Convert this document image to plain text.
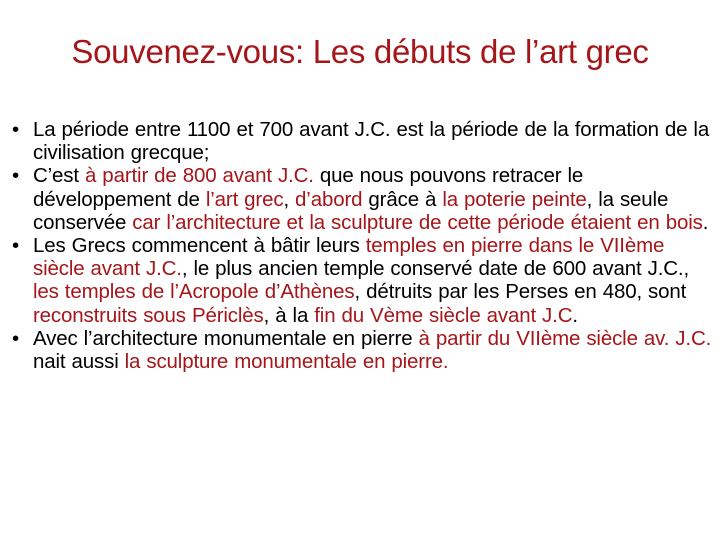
Souvenez-vous: Les débuts de l’art grec
• La période entre 1100 et 700 avant J.C. est la période de la formation de la civilisation grecque;
• C’est à partir de 800 avant J.C. que nous pouvons retracer le développement de l’art grec, d’abord grâce à la poterie peinte, la seule conservée car l’architecture et la sculpture de cette période étaient en bois.
• Les Grecs commencent à bâtir leurs temples en pierre dans le VIIème siècle avant J.C., le plus ancien temple conservé date de 600 avant J.C., les temples de l’Acropole d’Athènes, détruits par les Perses en 480, sont reconstruits sous Périclès, à la fin du Vème siècle avant J.C.
• Avec l’architecture monumentale en pierre à partir du VIIème siècle av. J.C. nait aussi la sculpture monumentale en pierre.
